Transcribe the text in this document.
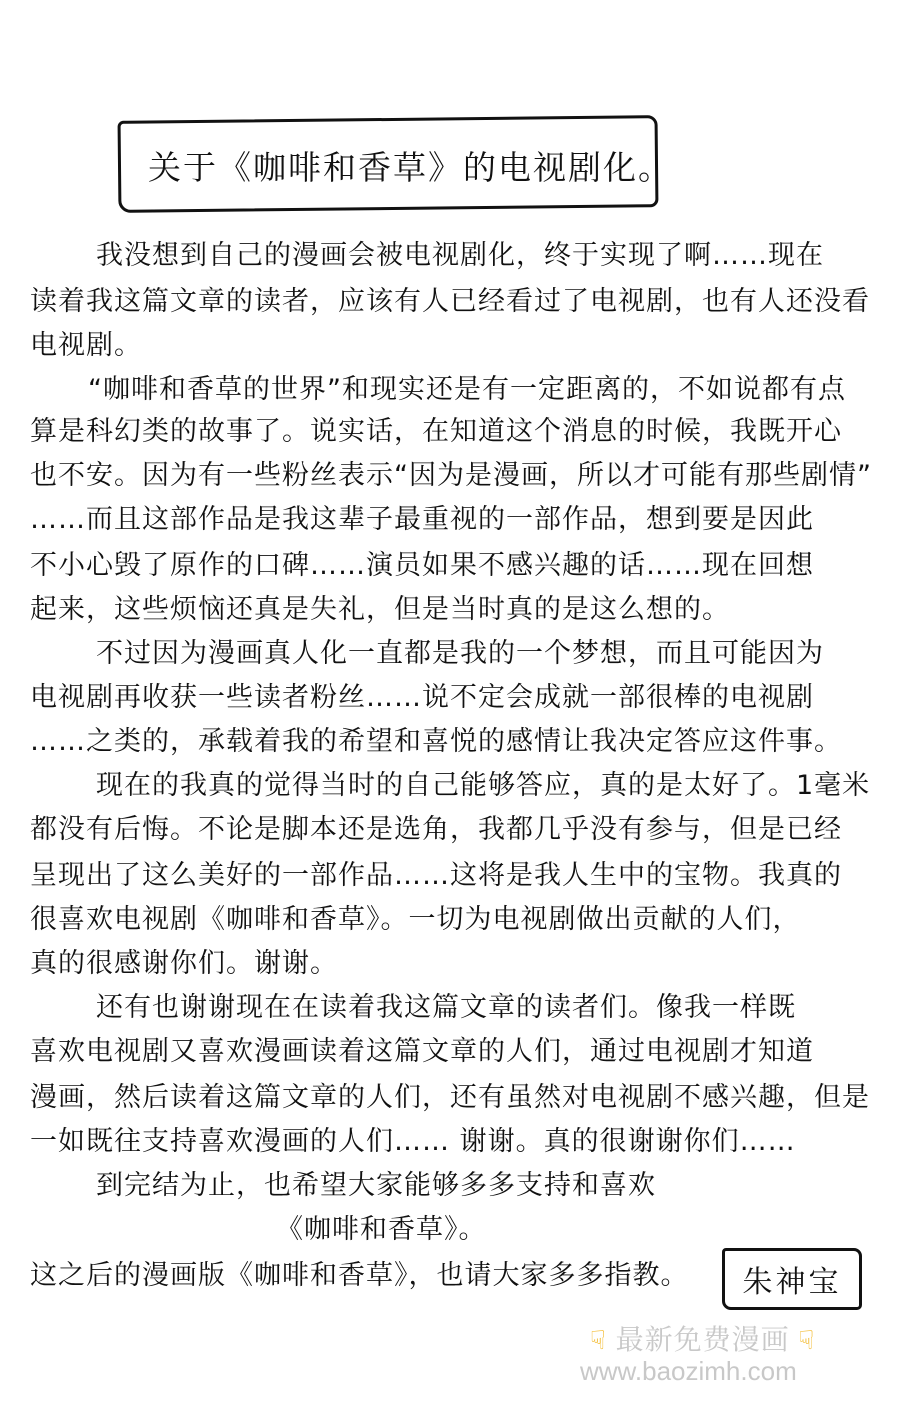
关于《咖啡和香草》的电视剧化。
我没想到自己的漫画会被电视剧化，终于实现了啊……现在
读着我这篇文章的读者，应该有人已经看过了电视剧，也有人还没看
电视剧。
“咖啡和香草的世界”和现实还是有一定距离的，不如说都有点
算是科幻类的故事了。说实话，在知道这个消息的时候，我既开心
也不安。因为有一些粉丝表示“因为是漫画，所以才可能有那些剧情”
……而且这部作品是我这辈子最重视的一部作品，想到要是因此
不小心毁了原作的口碑……演员如果不感兴趣的话……现在回想
起来，这些烦恼还真是失礼，但是当时真的是这么想的。
不过因为漫画真人化一直都是我的一个梦想，而且可能因为
电视剧再收获一些读者粉丝……说不定会成就一部很棒的电视剧
……之类的，承载着我的希望和喜悦的感情让我决定答应这件事。
现在的我真的觉得当时的自己能够答应，真的是太好了。1毫米
都没有后悔。不论是脚本还是选角，我都几乎没有参与，但是已经
呈现出了这么美好的一部作品……这将是我人生中的宝物。我真的
很喜欢电视剧《咖啡和香草》。一切为电视剧做出贡献的人们，
真的很感谢你们。谢谢。
还有也谢谢现在在读着我这篇文章的读者们。像我一样既
喜欢电视剧又喜欢漫画读着这篇文章的人们，通过电视剧才知道
漫画，然后读着这篇文章的人们，还有虽然对电视剧不感兴趣，但是
一如既往支持喜欢漫画的人们…… 谢谢。真的很谢谢你们……
到完结为止，也希望大家能够多多支持和喜欢
《咖啡和香草》。
这之后的漫画版《咖啡和香草》，也请大家多多指教。	朱神宝
☟ 最新免费漫画 ☟
www.baozimh.com
